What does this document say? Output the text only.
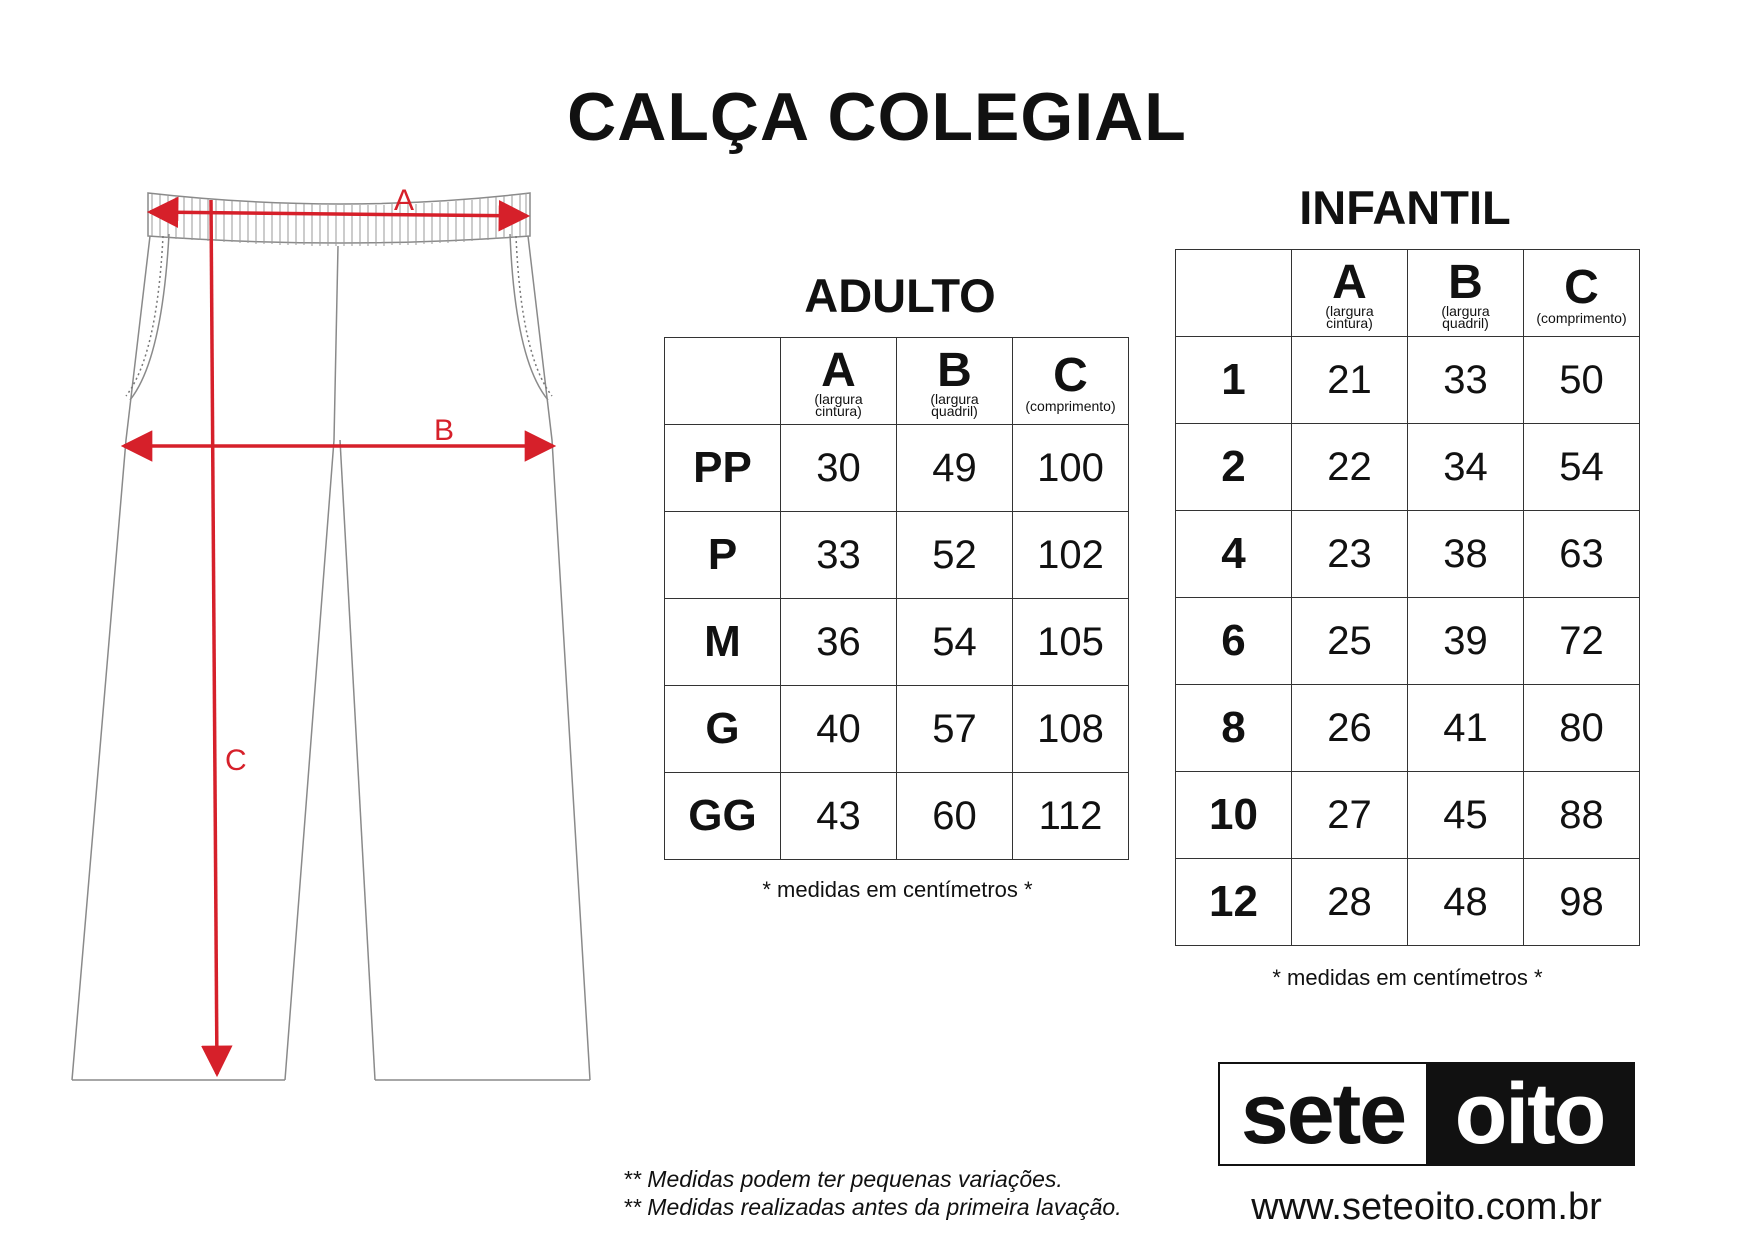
CALÇA COLEGIAL
A
B
C
ADULTO

	A
(largura
cintura)	B
(largura
quadril)	C
(comprimento)

PP	30	49	100
P	33	52	102
M	36	54	105
G	40	57	108
GG	43	60	112

* medidas em centímetros *

INFANTIL

	A
(largura
cintura)	B
(largura
quadril)	C
(comprimento)

1	21	33	50
2	22	34	54
4	23	38	63
6	25	39	72
8	26	41	80
10	27	45	88
12	28	48	98

* medidas em centímetros *

** Medidas podem ter pequenas variações.

** Medidas realizadas antes da primeira lavação.

sete oito

www.seteoito.com.br
